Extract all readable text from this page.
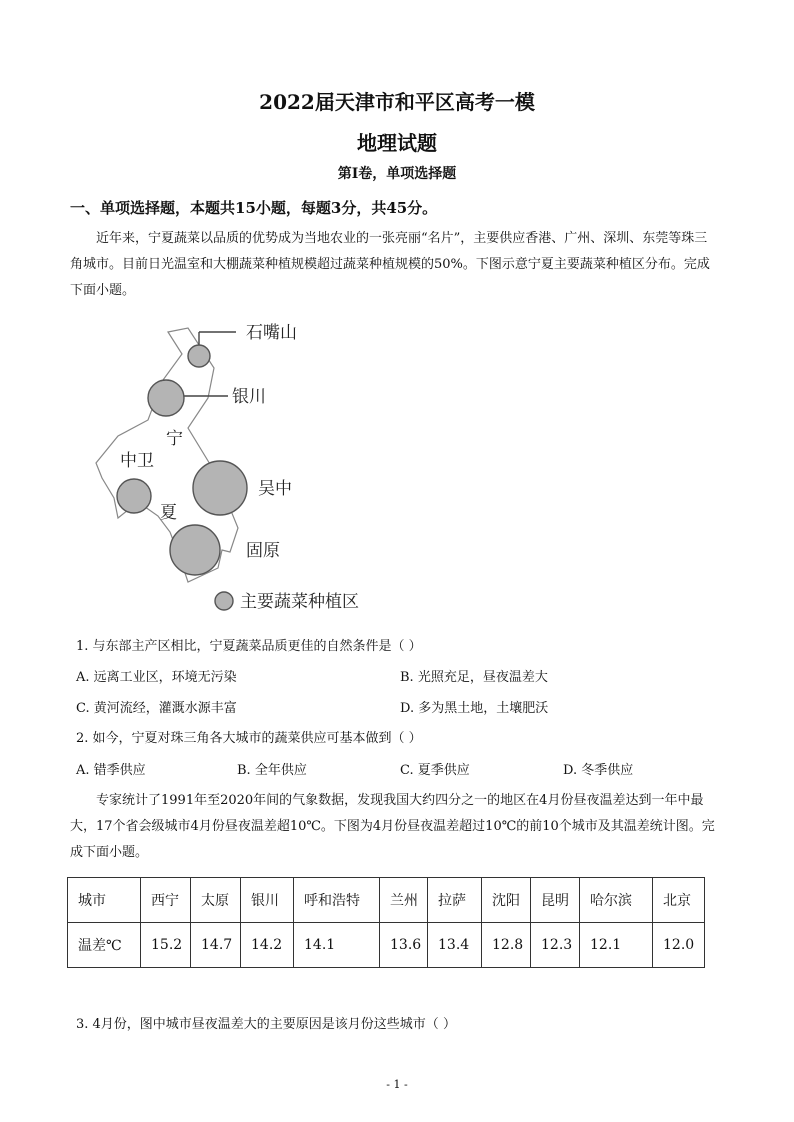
2022届天津市和平区高考一模
地理试题
第Ⅰ卷，单项选择题
一、单项选择题，本题共15小题，每题3分，共45分。

近年来，宁夏蔬菜以品质的优势成为当地农业的一张亮丽“名片”，主要供应香港、广州、深圳、东莞等珠三角城市。目前日光温室和大棚蔬菜种植规模超过蔬菜种植规模的50%。下图示意宁夏主要蔬菜种植区分布。完成下面小题。

石嘴山
银川
宁
中卫
夏
吴中
固原
主要蔬菜种植区
1. 与东部主产区相比，宁夏蔬菜品质更佳的自然条件是（ ）
A. 远离工业区，环境无污染	B. 光照充足，昼夜温差大
C. 黄河流经，灌溉水源丰富	D. 多为黑土地，土壤肥沃
2. 如今，宁夏对珠三角各大城市的蔬菜供应可基本做到（ ）
A. 错季供应	B. 全年供应	C. 夏季供应	D. 冬季供应

专家统计了1991年至2020年间的气象数据，发现我国大约四分之一的地区在4月份昼夜温差达到一年中最大，17个省会级城市4月份昼夜温差超10℃。下图为4月份昼夜温差超过10℃的前10个城市及其温差统计图。完成下面小题。

城市	西宁	太原	银川	呼和浩特	兰州	拉萨	沈阳	昆明	哈尔滨	北京
温差℃	15.2	14.7	14.2	14.1	13.6	13.4	12.8	12.3	12.1	12.0
3. 4月份，图中城市昼夜温差大的主要原因是该月份这些城市（ ）
- 1 -
